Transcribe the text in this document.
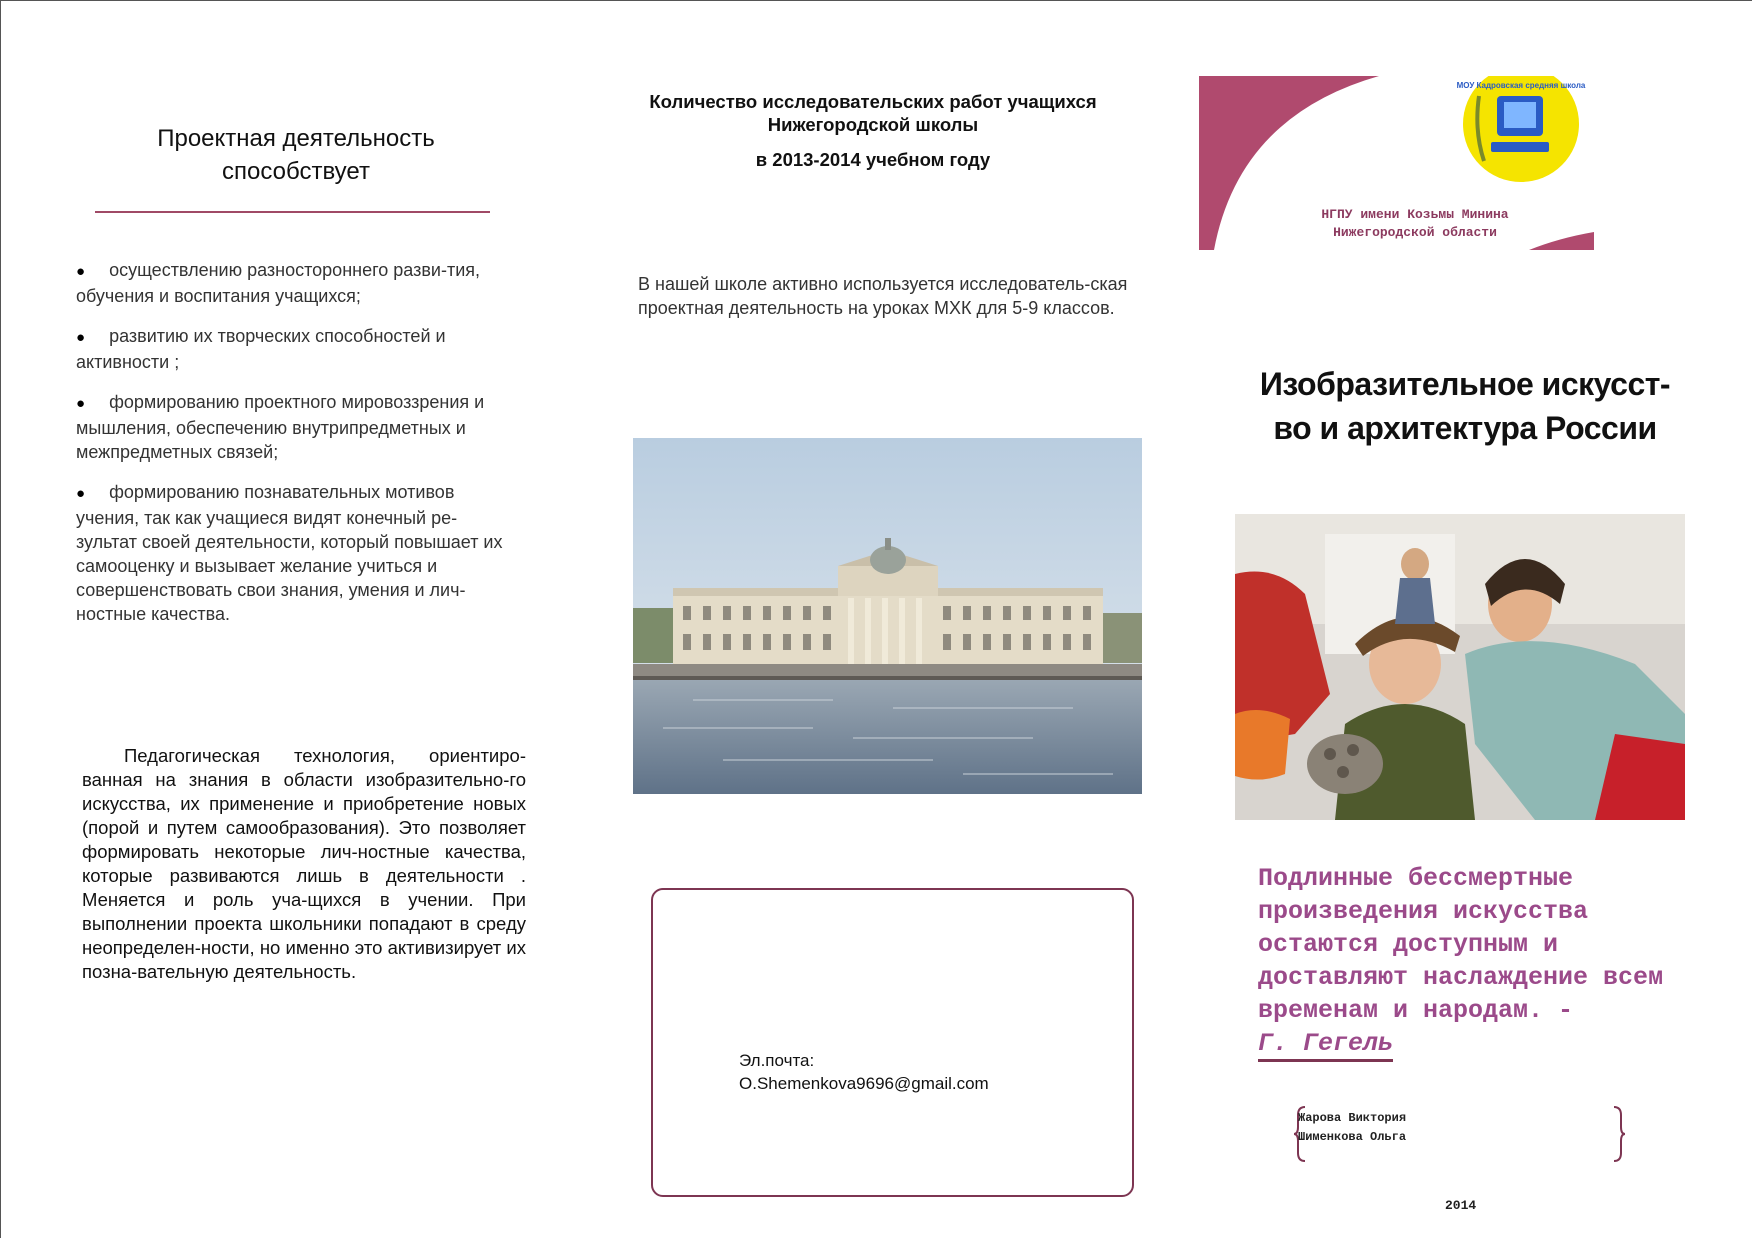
Проектная деятельность способствует
● осуществлению разностороннего разви-тия, обучения и воспитания учащихся;
● развитию их творческих способностей и активности ;
● формированию проектного мировоззрения и мышления, обеспечению внутрипредметных и межпредметных связей;
● формированию познавательных мотивов учения, так как учащиеся видят конечный ре-зультат своей деятельности, который повышает их самооценку и вызывает желание учиться и совершенствовать свои знания, умения и лич-ностные качества.

Педагогическая технология, ориентиро-ванная на знания в области изобразительно-го искусства, их применение и приобретение новых (порой и путем самообразования). Это позволяет формировать некоторые лич-ностные качества, которые развиваются лишь в деятельности . Меняется и роль уча-щихся в учении. При выполнении проекта школьники попадают в среду неопределен-ности, но именно это активизирует их позна-вательную деятельность.

Количество исследовательских работ учащихся
Нижегородской школы
в 2013-2014 учебном году

В нашей школе активно используется исследователь-ская проектная деятельность на уроках МХК для 5-9 классов.

Эл.почта:
O.Shemenkova9696@gmail.com
МОУ Кадровская средняя школа
НГПУ имени Козьмы Минина
Нижегородской области
Изобразительное искусст-
во и архитектура России

Подлинные бессмертные произведения искусства остаются доступным и доставляют наслаждение всем временам и народам. -
Г. Гегель

Жарова Виктория
Шименкова Ольга
2014
